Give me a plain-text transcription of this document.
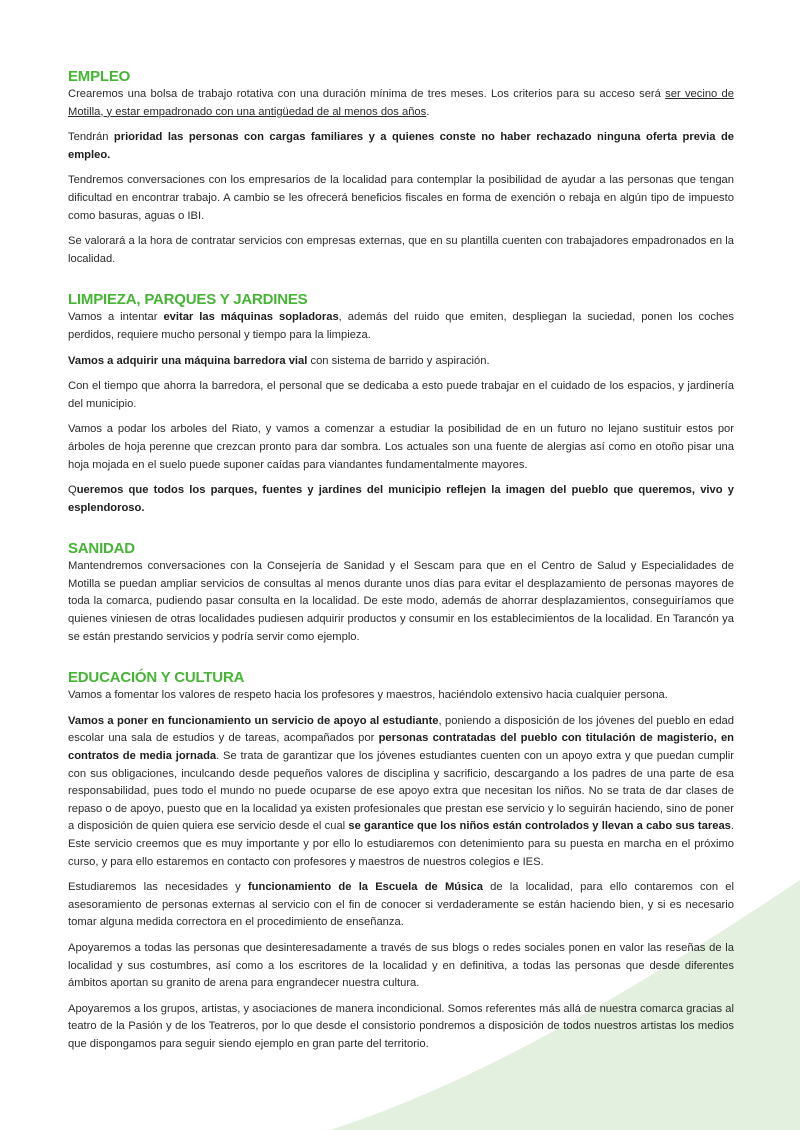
EMPLEO

Crearemos una bolsa de trabajo rotativa con una duración mínima de tres meses. Los criterios para su acceso será ser vecino de Motilla, y estar empadronado con una antigüedad de al menos dos años.

Tendrán prioridad las personas con cargas familiares y a quienes conste no haber rechazado ninguna oferta previa de empleo.

Tendremos conversaciones con los empresarios de la localidad para contemplar la posibilidad de ayudar a las personas que tengan dificultad en encontrar trabajo. A cambio se les ofrecerá beneficios fiscales en forma de exención o rebaja en algún tipo de impuesto como basuras, aguas o IBI.

Se valorará a la hora de contratar servicios con empresas externas, que en su plantilla cuenten con trabajadores empadronados en la localidad.

LIMPIEZA, PARQUES Y JARDINES

Vamos a intentar evitar las máquinas sopladoras, además del ruido que emiten, despliegan la suciedad, ponen los coches perdidos, requiere mucho personal y tiempo para la limpieza.

Vamos a adquirir una máquina barredora vial con sistema de barrido y aspiración.

Con el tiempo que ahorra la barredora, el personal que se dedicaba a esto puede trabajar en el cuidado de los espacios, y jardinería del municipio.

Vamos a podar los arboles del Riato, y vamos a comenzar a estudiar la posibilidad de en un futuro no lejano sustituir estos por árboles de hoja perenne que crezcan pronto para dar sombra. Los actuales son una fuente de alergias así como en otoño pisar una hoja mojada en el suelo puede suponer caídas para viandantes fundamentalmente mayores.

Queremos que todos los parques, fuentes y jardines del municipio reflejen la imagen del pueblo que queremos, vivo y esplendoroso.

SANIDAD

Mantendremos conversaciones con la Consejería de Sanidad y el Sescam para que en el Centro de Salud y Especialidades de Motilla se puedan ampliar servicios de consultas al menos durante unos días para evitar el desplazamiento de personas mayores de toda la comarca, pudiendo pasar consulta en la localidad. De este modo, además de ahorrar desplazamientos, conseguiríamos que quienes viniesen de otras localidades pudiesen adquirir productos y consumir en los establecimientos de la localidad. En Tarancón ya se están prestando servicios y podría servir como ejemplo.

EDUCACIÓN Y CULTURA

Vamos a fomentar los valores de respeto hacia los profesores y maestros, haciéndolo extensivo hacia cualquier persona.

Vamos a poner en funcionamiento un servicio de apoyo al estudiante, poniendo a disposición de los jóvenes del pueblo en edad escolar una sala de estudios y de tareas, acompañados por personas contratadas del pueblo con titulación de magisterio, en contratos de media jornada. Se trata de garantizar que los jóvenes estudiantes cuenten con un apoyo extra y que puedan cumplir con sus obligaciones, inculcando desde pequeños valores de disciplina y sacrificio, descargando a los padres de una parte de esa responsabilidad, pues todo el mundo no puede ocuparse de ese apoyo extra que necesitan los niños. No se trata de dar clases de repaso o de apoyo, puesto que en la localidad ya existen profesionales que prestan ese servicio y lo seguirán haciendo, sino de poner a disposición de quien quiera ese servicio desde el cual se garantice que los niños están controlados y llevan a cabo sus tareas. Este servicio creemos que es muy importante y por ello lo estudiaremos con detenimiento para su puesta en marcha en el próximo curso, y para ello estaremos en contacto con profesores y maestros de nuestros colegios e IES.

Estudiaremos las necesidades y funcionamiento de la Escuela de Música de la localidad, para ello contaremos con el asesoramiento de personas externas al servicio con el fin de conocer si verdaderamente se están haciendo bien, y si es necesario tomar alguna medida correctora en el procedimiento de enseñanza.

Apoyaremos a todas las personas que desinteresadamente a través de sus blogs o redes sociales ponen en valor las reseñas de la localidad y sus costumbres, así como a los escritores de la localidad y en definitiva, a todas las personas que desde diferentes ámbitos aportan su granito de arena para engrandecer nuestra cultura.

Apoyaremos a los grupos, artistas, y asociaciones de manera incondicional. Somos referentes más allá de nuestra comarca gracias al teatro de la Pasión y de los Teatreros, por lo que desde el consistorio pondremos a disposición de todos nuestros artistas los medios que dispongamos para seguir siendo ejemplo en gran parte del territorio.
